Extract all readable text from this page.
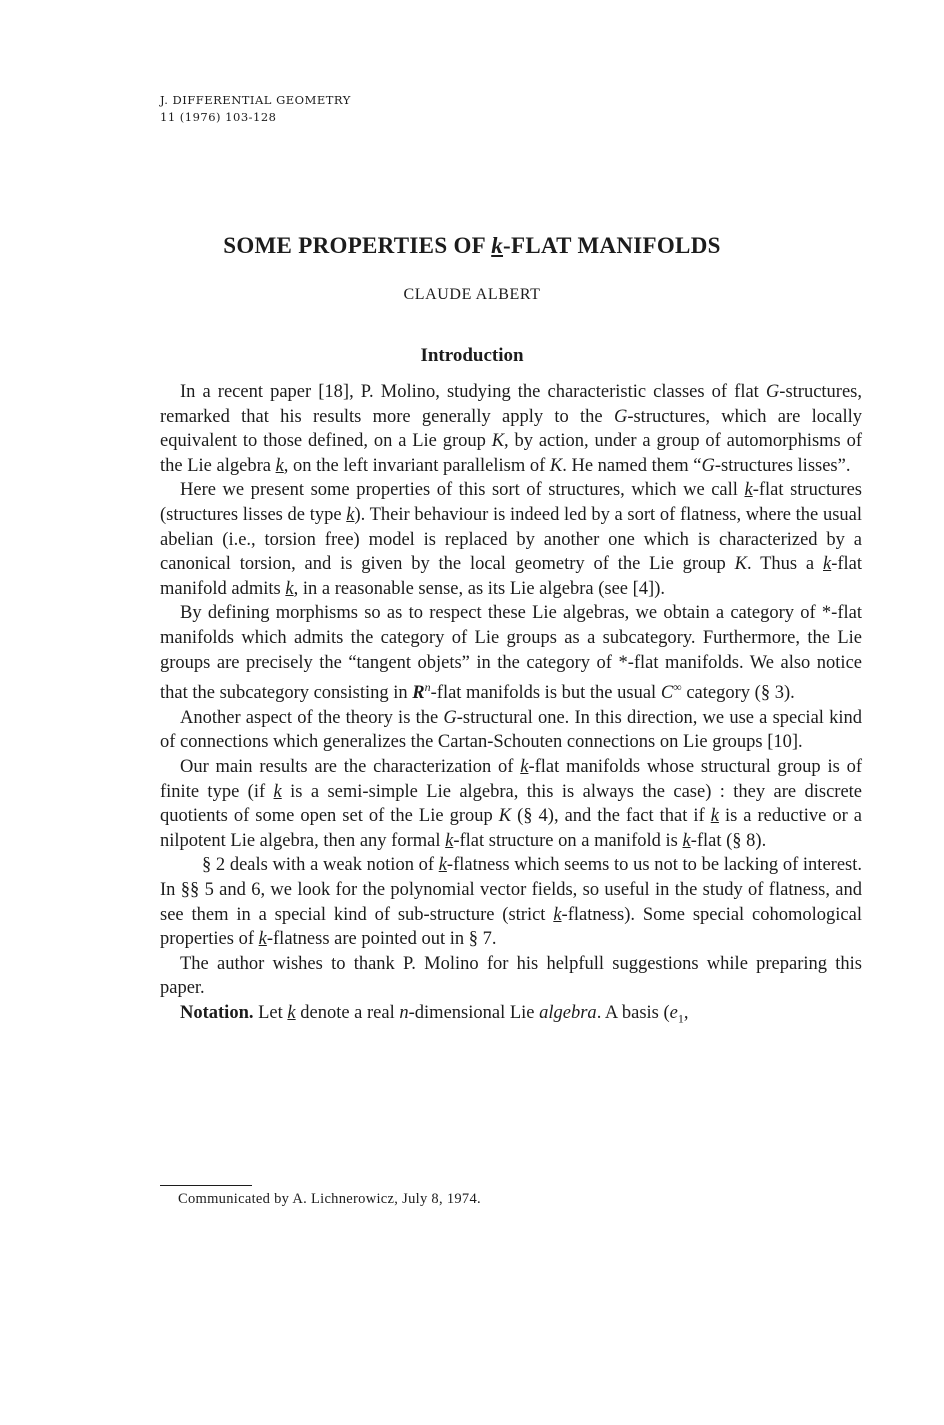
J. DIFFERENTIAL GEOMETRY
11 (1976) 103-128
SOME PROPERTIES OF k-FLAT MANIFOLDS
CLAUDE ALBERT
Introduction

In a recent paper [18], P. Molino, studying the characteristic classes of flat G-structures, remarked that his results more generally apply to the G-structures, which are locally equivalent to those defined, on a Lie group K, by action, under a group of automorphisms of the Lie algebra k, on the left invariant parallelism of K. He named them “G-structures lisses”.

Here we present some properties of this sort of structures, which we call k-flat structures (structures lisses de type k). Their behaviour is indeed led by a sort of flatness, where the usual abelian (i.e., torsion free) model is replaced by another one which is characterized by a canonical torsion, and is given by the local geometry of the Lie group K. Thus a k-flat manifold admits k, in a reasonable sense, as its Lie algebra (see [4]).

By defining morphisms so as to respect these Lie algebras, we obtain a category of *-flat manifolds which admits the category of Lie groups as a subcategory. Furthermore, the Lie groups are precisely the “tangent objets” in the category of *-flat manifolds. We also notice that the subcategory consisting in $R^n$-flat manifolds is but the usual C∞ category (§ 3).

Another aspect of the theory is the G-structural one. In this direction, we use a special kind of connections which generalizes the Cartan-Schouten connections on Lie groups [10].

Our main results are the characterization of k-flat manifolds whose structural group is of finite type (if k is a semi-simple Lie algebra, this is always the case) : they are discrete quotients of some open set of the Lie group K (§ 4), and the fact that if k is a reductive or a nilpotent Lie algebra, then any formal k-flat structure on a manifold is k-flat (§ 8).

§ 2 deals with a weak notion of k-flatness which seems to us not to be lacking of interest. In §§ 5 and 6, we look for the polynomial vector fields, so useful in the study of flatness, and see them in a special kind of sub-structure (strict k-flatness). Some special cohomological properties of k-flatness are pointed out in § 7.

The author wishes to thank P. Molino for his helpfull suggestions while preparing this paper.

Notation. Let k denote a real n-dimensional Lie algebra. A basis ($e_1$,

Communicated by A. Lichnerowicz, July 8, 1974.
